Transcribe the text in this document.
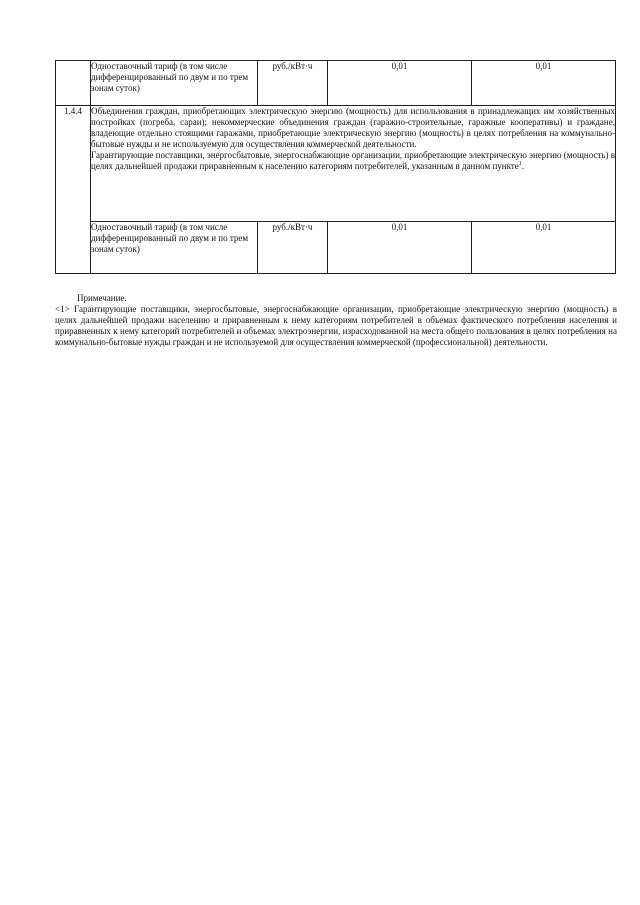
	Одноставочный тариф (в том числе дифференцированный по двум и по трем зонам суток)	руб./кВт·ч	0,01	0,01
1.4.4	Объединения граждан, приобретающих электрическую энергию (мощность) для использования в принадлежащих им хозяйственных постройках (погреба, сараи); некоммерческие объединения граждан (гаражно-строительные, гаражные кооперативы) и граждане, владеющие отдельно стоящими гаражами, приобретающие электрическую энергию (мощность) в целях потребления на коммунально-бытовые нужды и не используемую для осуществления коммерческой деятельности.
Гарантирующие поставщики, энергосбытовые, энергоснабжающие организации, приобретающие электрическую энергию (мощность) в целях дальнейшей продажи приравненным к населению категориям потребителей, указанным в данном пункте$^1$.			

	Одноставочный тариф (в том числе дифференцированный по двум и по трем зонам суток)	руб./кВт·ч	0,01	0,01
Примечание.
<1> Гарантирующие поставщики, энергосбытовые, энергоснабжающие организации, приобретающие электрическую энергию (мощность) в целях дальнейшей продажи населению и приравненным к нему категориям потребителей в объемах фактического потребления населения и приравненных к нему категорий потребителей и объемах электроэнергии, израсходованной на места общего пользования в целях потребления на коммунально-бытовые нужды граждан и не используемой для осуществления коммерческой (профессиональной) деятельности.
